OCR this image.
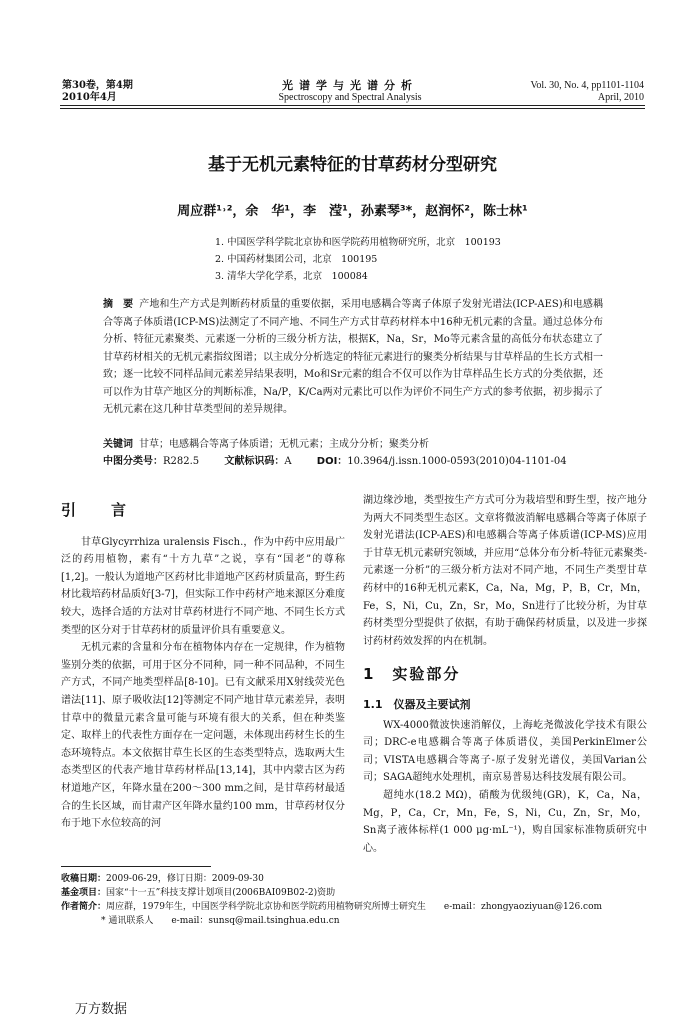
第30卷，第4期
2010年4月
光谱学与光谱分析
Spectroscopy and Spectral Analysis
Vol. 30, No. 4, pp1101-1104
April, 2010
基于无机元素特征的甘草药材分型研究
周应群¹˒²，余　华¹，李　滢¹，孙素琴³*，赵润怀²，陈士林¹
1. 中国医学科学院北京协和医学院药用植物研究所，北京　100193
2. 中国药材集团公司，北京　100195
3. 清华大学化学系，北京　100084
摘　要 产地和生产方式是判断药材质量的重要依据，采用电感耦合等离子体原子发射光谱法(ICP-AES)和电感耦合等离子体质谱(ICP-MS)法测定了不同产地、不同生产方式甘草药材样本中16种无机元素的含量。通过总体分布分析、特征元素聚类、元素逐一分析的三级分析方法，根据K，Na，Sr，Mo等元素含量的高低分布状态建立了甘草药材相关的无机元素指纹图谱；以主成分分析选定的特征元素进行的聚类分析结果与甘草样品的生长方式相一致；逐一比较不同样品间元素差异结果表明，Mo和Sr元素的组合不仅可以作为甘草样品生长方式的分类依据，还可以作为甘草产地区分的判断标准，Na/P，K/Ca两对元素比可以作为评价不同生产方式的参考依据，初步揭示了无机元素在这几种甘草类型间的差异规律。
关键词 甘草；电感耦合等离子体质谱；无机元素；主成分分析；聚类分析
中图分类号：R282.5	文献标识码：A	DOI：10.3964/j.issn.1000-0593(2010)04-1101-04
引　言

甘草Glycyrrhiza uralensis Fisch.，作为中药中应用最广泛的药用植物，素有“十方九草”之说，享有“国老”的尊称[1,2]。一般认为道地产区药材比非道地产区药材质量高，野生药材比栽培药材品质好[3-7]，但实际工作中药材产地来源区分难度较大，选择合适的方法对甘草药材进行不同产地、不同生长方式类型的区分对于甘草药材的质量评价具有重要意义。

无机元素的含量和分布在植物体内存在一定规律，作为植物鉴别分类的依据，可用于区分不同种，同一种不同品种，不同生产方式，不同产地类型样品[8-10]。已有文献采用X射线荧光色谱法[11]、原子吸收法[12]等测定不同产地甘草元素差异，表明甘草中的微量元素含量可能与环境有很大的关系，但在种类鉴定、取样上的代表性方面存在一定问题，未体现出药材生长的生态环境特点。本文依据甘草生长区的生态类型特点，选取两大生态类型区的代表产地甘草药材样品[13,14]，其中内蒙古区为药材道地产区，年降水量在200～300 mm之间，是甘草药材最适合的生长区域，而甘肃产区年降水量约100 mm，甘草药材仅分布于地下水位较高的河

湖边缘沙地，类型按生产方式可分为栽培型和野生型，按产地分为两大不同类型生态区。文章将微波消解电感耦合等离子体原子发射光谱法(ICP-AES)和电感耦合等离子体质谱(ICP-MS)应用于甘草无机元素研究领域，并应用“总体分布分析-特征元素聚类-元素逐一分析”的三级分析方法对不同产地，不同生产类型甘草药材中的16种无机元素K，Ca，Na，Mg，P，B，Cr，Mn，Fe，S，Ni，Cu，Zn，Sr，Mo，Sn进行了比较分析，为甘草药材类型分型提供了依据，有助于确保药材质量，以及进一步探讨药材药效发挥的内在机制。

1　实验部分
1.1　仪器及主要试剂

WX-4000微波快速消解仪，上海屹尧微波化学技术有限公司；DRC-e电感耦合等离子体质谱仪，美国PerkinElmer公司；VISTA电感耦合等离子-原子发射光谱仪，美国Varian公司；SAGA超纯水处理机，南京易普易达科技发展有限公司。

超纯水(18.2 MΩ)，硝酸为优级纯(GR)，K，Ca，Na，Mg，P，Ca，Cr，Mn，Fe，S，Ni，Cu，Zn，Sr，Mo，Sn离子液体标样(1 000 μg·mL⁻¹)，购自国家标准物质研究中心。

收稿日期：2009-06-29，修订日期：2009-09-30
基金项目：国家“十一五”科技支撑计划项目(2006BAI09B02-2)资助
作者简介：周应群，1979年生，中国医学科学院北京协和医学院药用植物研究所博士研究生　　e-mail：zhongyaoziyuan@126.com
* 通讯联系人　　e-mail：sunsq@mail.tsinghua.edu.cn
万方数据
